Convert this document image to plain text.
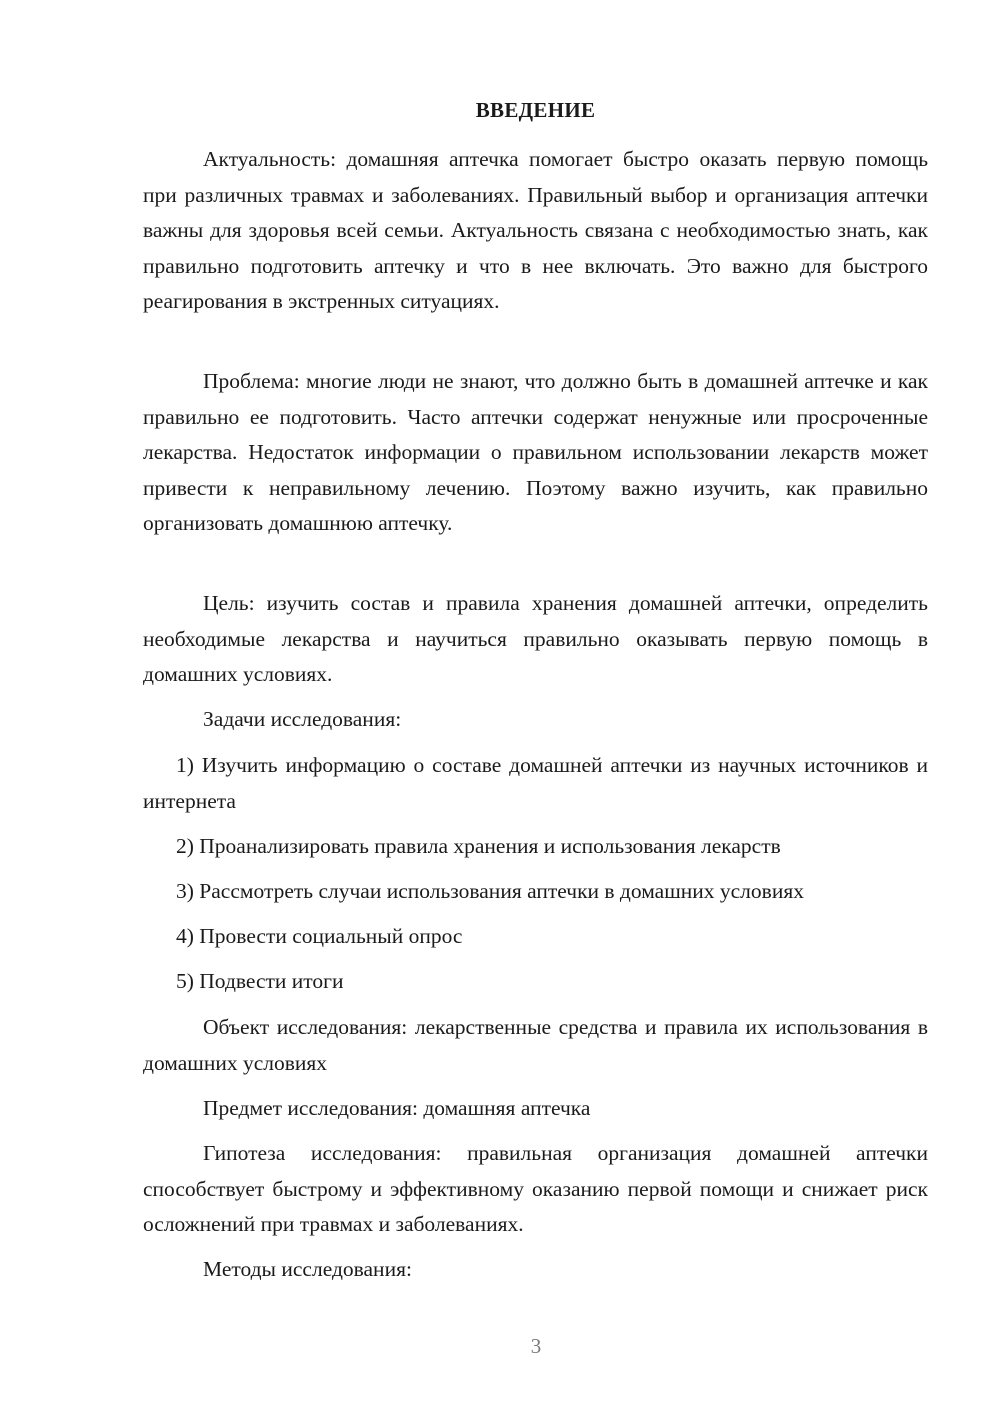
ВВЕДЕНИЕ

Актуальность: домашняя аптечка помогает быстро оказать первую помощь при различных травмах и заболеваниях. Правильный выбор и организация аптечки важны для здоровья всей семьи. Актуальность связана с необходимостью знать, как правильно подготовить аптечку и что в нее включать. Это важно для быстрого реагирования в экстренных ситуациях.

Проблема: многие люди не знают, что должно быть в домашней аптечке и как правильно ее подготовить. Часто аптечки содержат ненужные или просроченные лекарства. Недостаток информации о правильном использовании лекарств может привести к неправильному лечению. Поэтому важно изучить, как правильно организовать домашнюю аптечку.

Цель: изучить состав и правила хранения домашней аптечки, определить необходимые лекарства и научиться правильно оказывать первую помощь в домашних условиях.

Задачи исследования:

1) Изучить информацию о составе домашней аптечки из научных источников и интернета

2) Проанализировать правила хранения и использования лекарств

3) Рассмотреть случаи использования аптечки в домашних условиях

4) Провести социальный опрос

5) Подвести итоги

Объект исследования: лекарственные средства и правила их использования в домашних условиях

Предмет исследования: домашняя аптечка

Гипотеза исследования: правильная организация домашней аптечки способствует быстрому и эффективному оказанию первой помощи и снижает риск осложнений при травмах и заболеваниях.

Методы исследования:

3
